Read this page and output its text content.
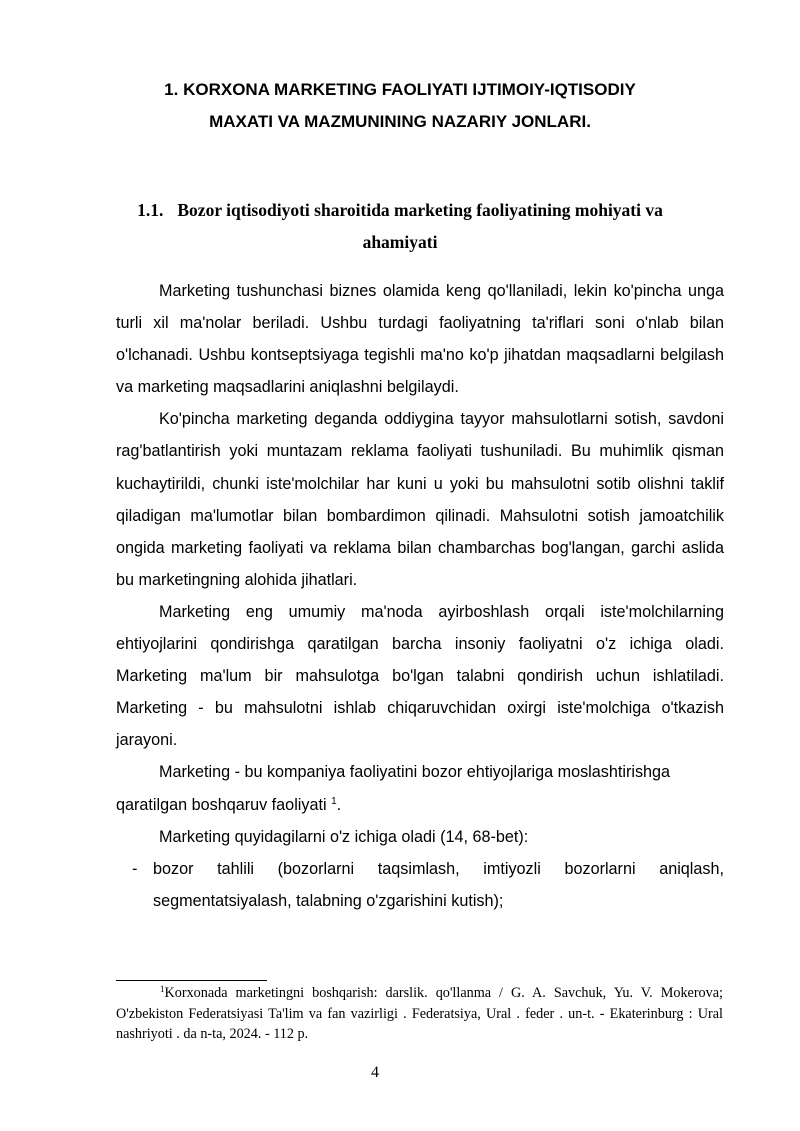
1. KORXONA MARKETING FAOLIYATI IJTIMOIY-IQTISODIY
MAXATI VA MAZMUNINING NAZARIY JONLARI.
1.1. Bozor iqtisodiyoti sharoitida marketing faoliyatining mohiyati va
ahamiyati

Marketing tushunchasi biznes olamida keng qo'llaniladi, lekin ko'pincha unga turli xil ma'nolar beriladi. Ushbu turdagi faoliyatning ta'riflari soni o'nlab bilan o'lchanadi. Ushbu kontseptsiyaga tegishli ma'no ko'p jihatdan maqsadlarni belgilash va marketing maqsadlarini aniqlashni belgilaydi.

Ko'pincha marketing deganda oddiygina tayyor mahsulotlarni sotish, savdoni rag'batlantirish yoki muntazam reklama faoliyati tushuniladi. Bu muhimlik qisman kuchaytirildi, chunki iste'molchilar har kuni u yoki bu mahsulotni sotib olishni taklif qiladigan ma'lumotlar bilan bombardimon qilinadi. Mahsulotni sotish jamoatchilik ongida marketing faoliyati va reklama bilan chambarchas bog'langan, garchi aslida bu marketingning alohida jihatlari.

Marketing eng umumiy ma'noda ayirboshlash orqali iste'molchilarning ehtiyojlarini qondirishga qaratilgan barcha insoniy faoliyatni o'z ichiga oladi. Marketing ma'lum bir mahsulotga bo'lgan talabni qondirish uchun ishlatiladi. Marketing - bu mahsulotni ishlab chiqaruvchidan oxirgi iste'molchiga o'tkazish jarayoni.

Marketing - bu kompaniya faoliyatini bozor ehtiyojlariga moslashtirishga qaratilgan boshqaruv faoliyati $^1$.

Marketing quyidagilarni o'z ichiga oladi (14, 68-bet):

- bozor tahlili (bozorlarni taqsimlash, imtiyozli bozorlarni aniqlash, segmentatsiyalash, talabning o'zgarishini kutish);

$^1$Korxonada marketingni boshqarish: darslik. qo'llanma / G. A. Savchuk, Yu. V. Mokerova; O'zbekiston Federatsiyasi Ta'lim va fan vazirligi . Federatsiya, Ural . feder . un-t. - Ekaterinburg : Ural nashriyoti . da n-ta, 2024. - 112 p.

4
